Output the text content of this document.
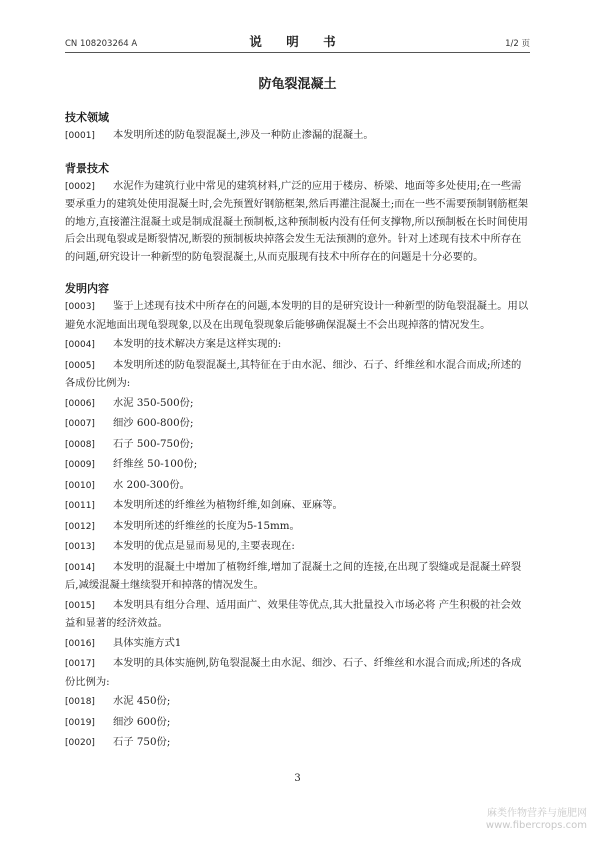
CN 108203264 A	说 明 书	1/2 页
防龟裂混凝土

技术领域

[0001] 本发明所述的防龟裂混凝土,涉及一种防止渗漏的混凝土。

背景技术

[0002] 水泥作为建筑行业中常见的建筑材料,广泛的应用于楼房、桥梁、地面等多处使用;在一些需要承重力的建筑处使用混凝土时,会先预置好钢筋框架,然后再灌注混凝土;而在一些不需要预制钢筋框架的地方,直接灌注混凝土或是制成混凝土预制板,这种预制板内没有任何支撑物,所以预制板在长时间使用后会出现龟裂或是断裂情况,断裂的预制板块掉落会发生无法预测的意外。针对上述现有技术中所存在的问题,研究设计一种新型的防龟裂混凝土,从而克服现有技术中所存在的问题是十分必要的。

发明内容

[0003] 鉴于上述现有技术中所存在的问题,本发明的目的是研究设计一种新型的防龟裂混凝土。用以避免水泥地面出现龟裂现象,以及在出现龟裂现象后能够确保混凝土不会出现掉落的情况发生。

[0004] 本发明的技术解决方案是这样实现的:

[0005] 本发明所述的防龟裂混凝土,其特征在于由水泥、细沙、石子、纤维丝和水混合而成;所述的各成份比例为:

[0006] 水泥 350-500份;

[0007] 细沙 600-800份;

[0008] 石子 500-750份;

[0009] 纤维丝 50-100份;

[0010] 水 200-300份。

[0011] 本发明所述的纤维丝为植物纤维,如剑麻、亚麻等。

[0012] 本发明所述的纤维丝的长度为5-15mm。

[0013] 本发明的优点是显而易见的,主要表现在:

[0014] 本发明的混凝土中增加了植物纤维,增加了混凝土之间的连接,在出现了裂缝或是混凝土碎裂后,减缓混凝土继续裂开和掉落的情况发生。

[0015] 本发明具有组分合理、适用面广、效果佳等优点,其大批量投入市场必将 产生积极的社会效益和显著的经济效益。

[0016] 具体实施方式1

[0017] 本发明的具体实施例,防龟裂混凝土由水泥、细沙、石子、纤维丝和水混合而成;所述的各成份比例为:

[0018] 水泥 450份;

[0019] 细沙 600份;

[0020] 石子 750份;

3
麻类作物营养与施肥网
www.fibercrops.com
